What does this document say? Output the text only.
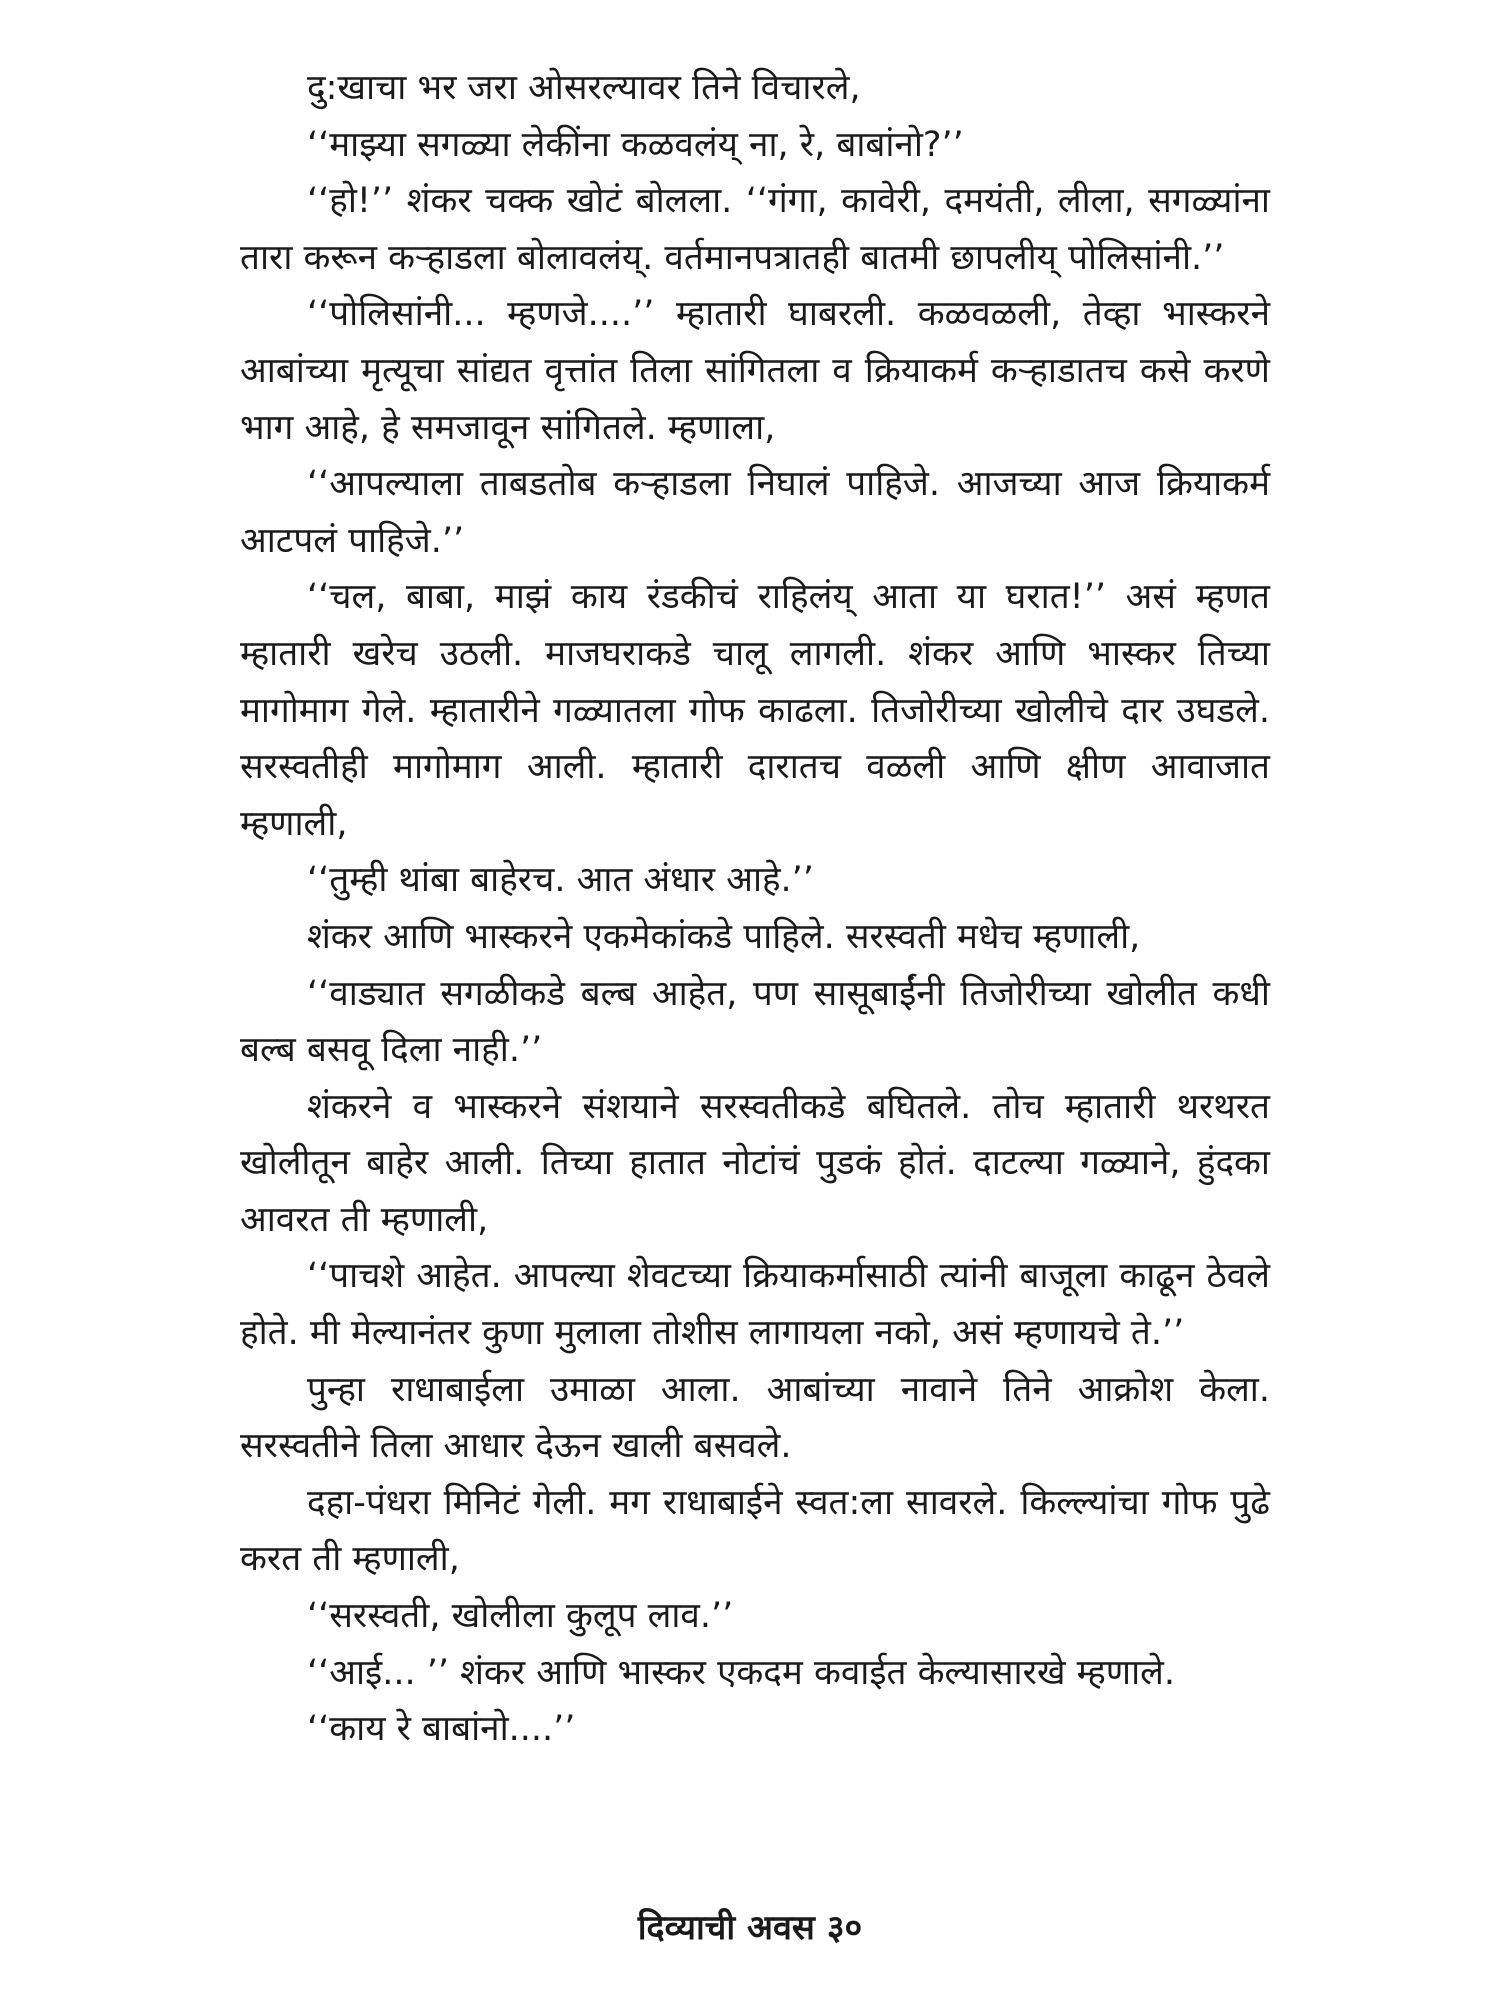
दु:खाचा भर जरा ओसरल्यावर तिने विचारले,

‘‘माझ्या सगळ्या लेकींना कळवलंय् ना, रे, बाबांनो?’’

‘‘हो!’’ शंकर चक्क खोटं बोलला. ‘‘गंगा, कावेरी, दमयंती, लीला, सगळ्यांना तारा करून कऱ्हाडला बोलावलंय्. वर्तमानपत्रातही बातमी छापलीय् पोलिसांनी.’’

‘‘पोलिसांनी... म्हणजे....’’ म्हातारी घाबरली. कळवळली, तेव्हा भास्करने आबांच्या मृत्यूचा सांद्यत वृत्तांत तिला सांगितला व क्रियाकर्म कऱ्हाडातच कसे करणे भाग आहे, हे समजावून सांगितले. म्हणाला,

‘‘आपल्याला ताबडतोब कऱ्हाडला निघालं पाहिजे. आजच्या आज क्रियाकर्म आटपलं पाहिजे.’’

‘‘चल, बाबा, माझं काय रंडकीचं राहिलंय् आता या घरात!’’ असं म्हणत म्हातारी खरेच उठली. माजघराकडे चालू लागली. शंकर आणि भास्कर तिच्या मागोमाग गेले. म्हातारीने गळ्यातला गोफ काढला. तिजोरीच्या खोलीचे दार उघडले. सरस्वतीही मागोमाग आली. म्हातारी दारातच वळली आणि क्षीण आवाजात म्हणाली,

‘‘तुम्ही थांबा बाहेरच. आत अंधार आहे.’’

शंकर आणि भास्करने एकमेकांकडे पाहिले. सरस्वती मधेच म्हणाली,

‘‘वाड्यात सगळीकडे बल्ब आहेत, पण सासूबाईंनी तिजोरीच्या खोलीत कधी बल्ब बसवू दिला नाही.’’

शंकरने व भास्करने संशयाने सरस्वतीकडे बघितले. तोच म्हातारी थरथरत खोलीतून बाहेर आली. तिच्या हातात नोटांचं पुडकं होतं. दाटल्या गळ्याने, हुंदका आवरत ती म्हणाली,

‘‘पाचशे आहेत. आपल्या शेवटच्या क्रियाकर्मासाठी त्यांनी बाजूला काढून ठेवले होते. मी मेल्यानंतर कुणा मुलाला तोशीस लागायला नको, असं म्हणायचे ते.’’

पुन्हा राधाबाईला उमाळा आला. आबांच्या नावाने तिने आक्रोश केला. सरस्वतीने तिला आधार देऊन खाली बसवले.

दहा-पंधरा मिनिटं गेली. मग राधाबाईने स्वत:ला सावरले. किल्ल्यांचा गोफ पुढे करत ती म्हणाली,

‘‘सरस्वती, खोलीला कुलूप लाव.’’

‘‘आई... ’’ शंकर आणि भास्कर एकदम कवाईत केल्यासारखे म्हणाले.

‘‘काय रे बाबांनो....’’

दिव्याची अवस ३०
